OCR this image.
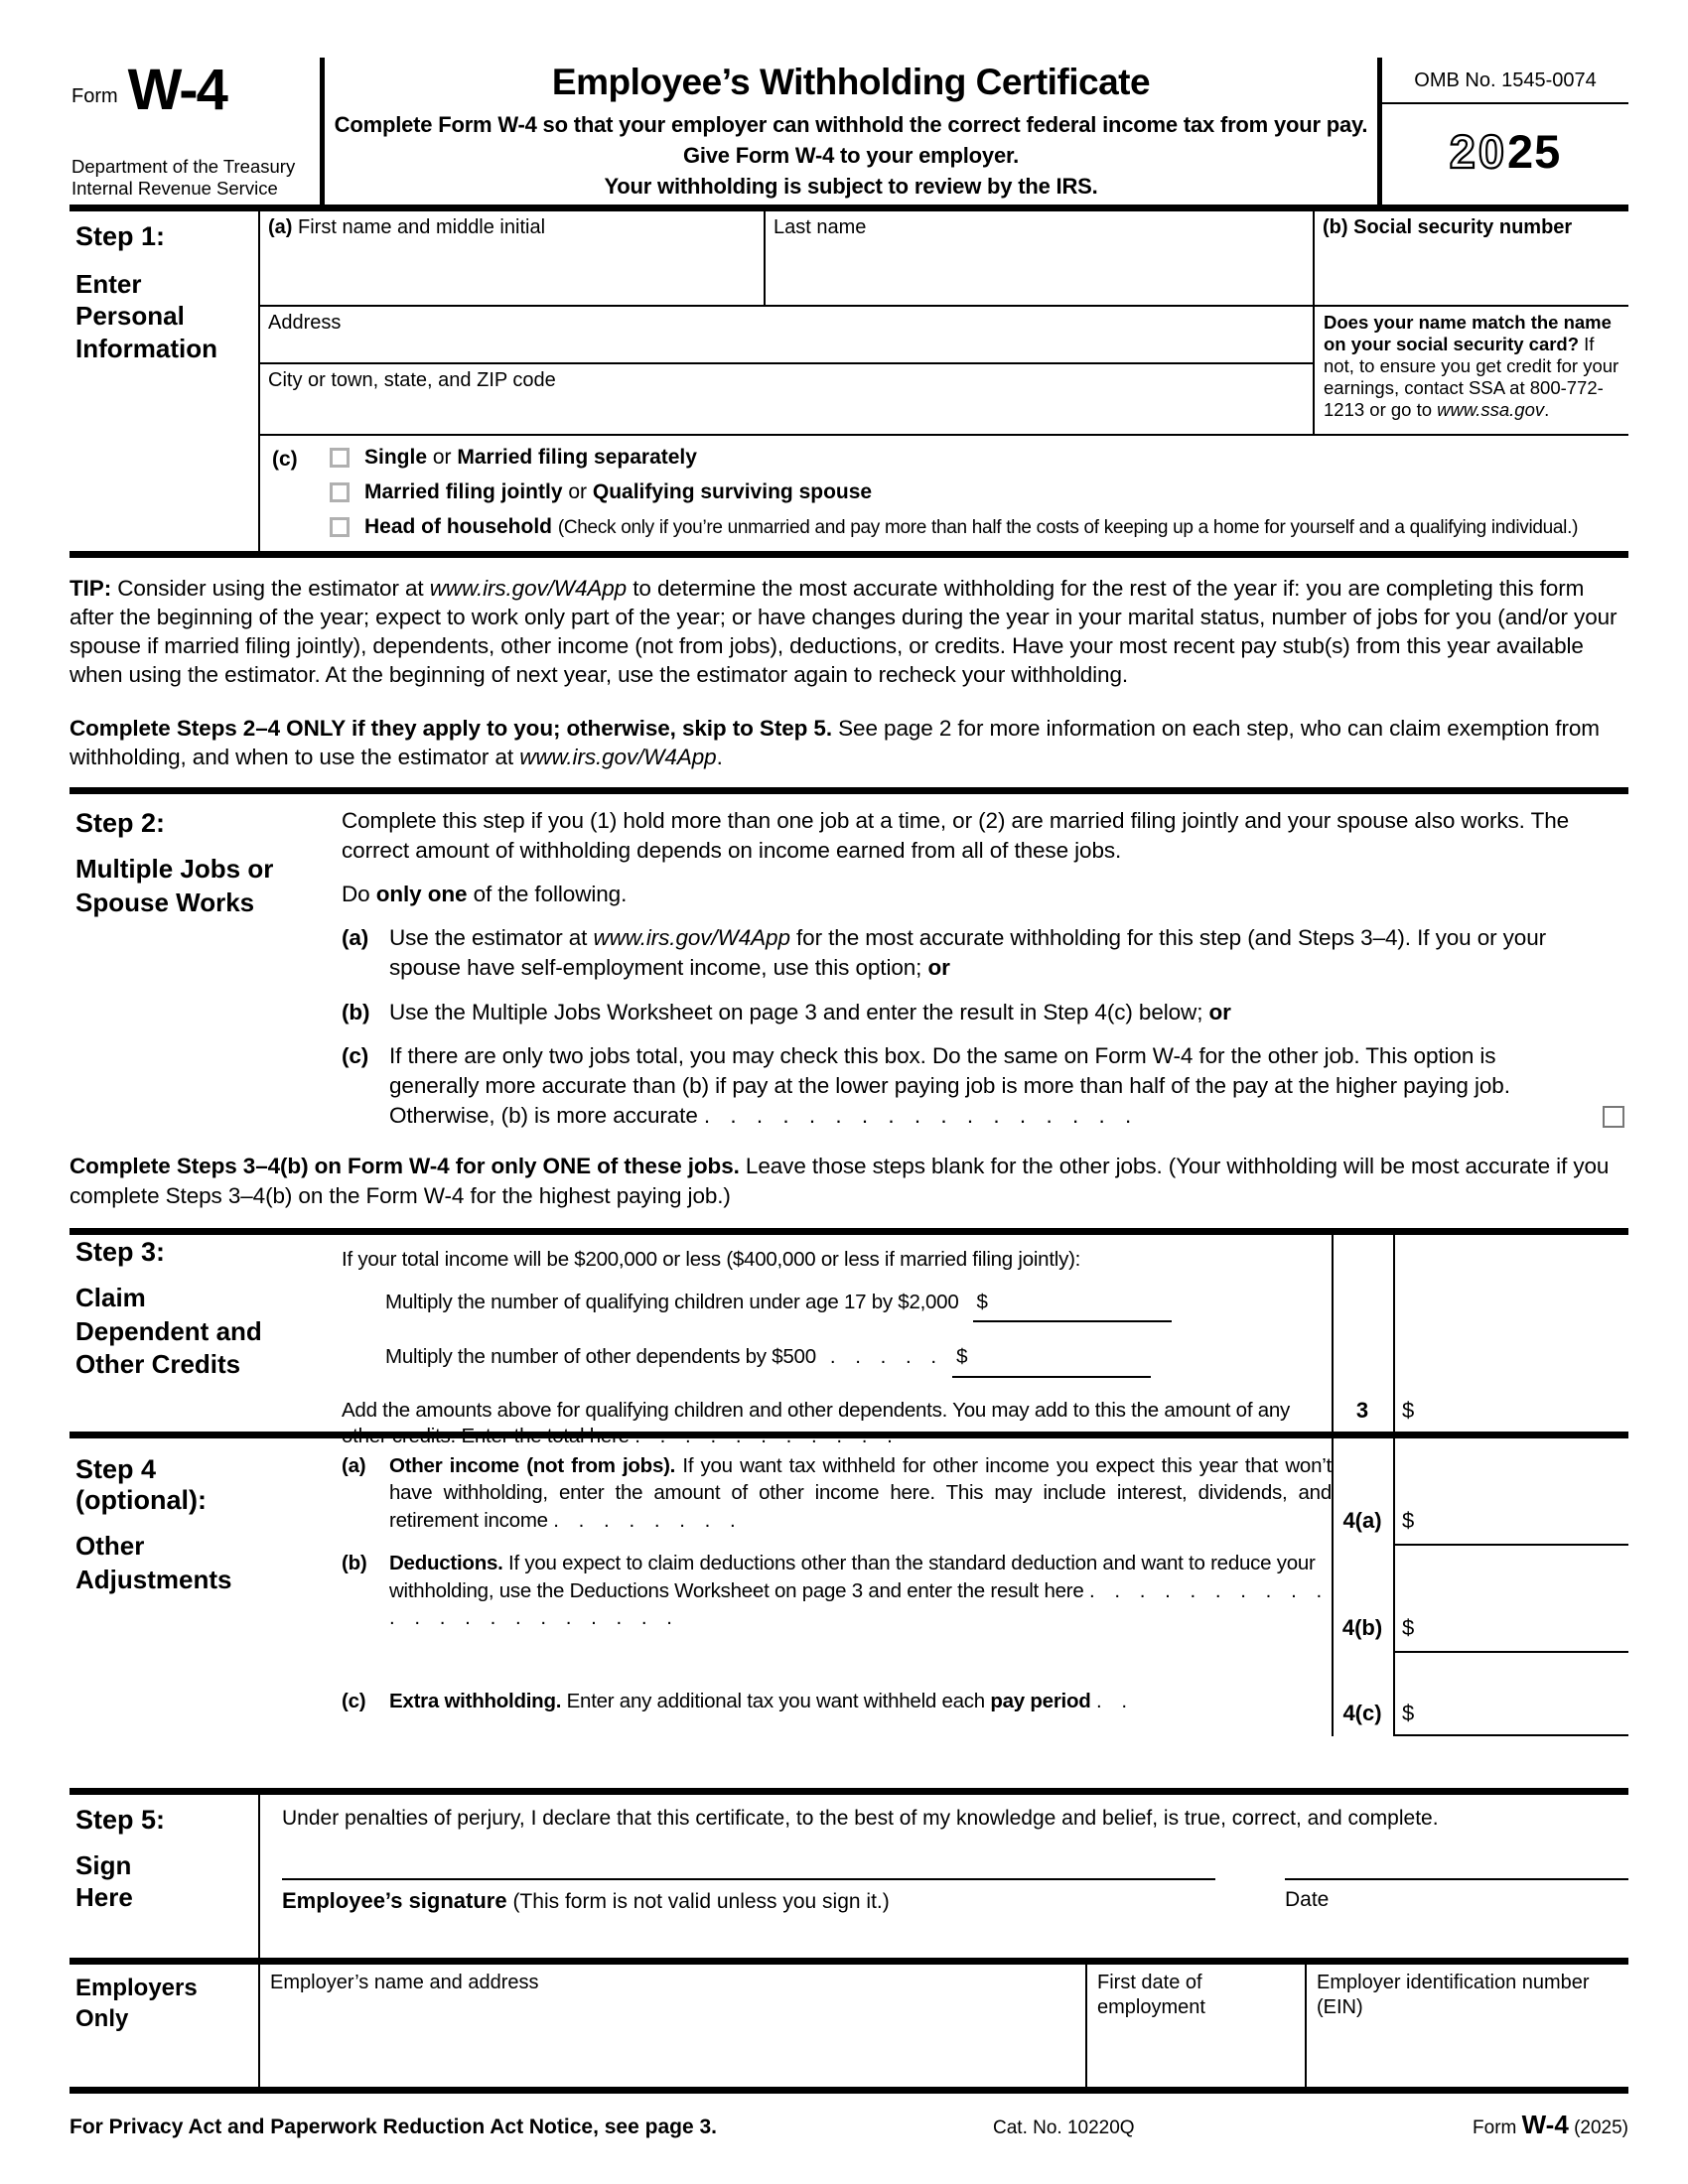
Form W-4
Department of the Treasury
Internal Revenue Service
Employee’s Withholding Certificate
Complete Form W-4 so that your employer can withhold the correct federal income tax from your pay.
Give Form W-4 to your employer.
Your withholding is subject to review by the IRS.
OMB No. 1545-0074
20 25
Step 1:
Enter Personal Information
(a) First name and middle initial	Last name	(b) Social security number
Address
City or town, state, and ZIP code
Does your name match the name on your social security card? If not, to ensure you get credit for your earnings, contact SSA at 800-772-1213 or go to www.ssa.gov.
(c)	Single or Married filing separately
Married filing jointly or Qualifying surviving spouse
Head of household (Check only if you’re unmarried and pay more than half the costs of keeping up a home for yourself and a qualifying individual.)
TIP: Consider using the estimator at www.irs.gov/W4App to determine the most accurate withholding for the rest of the year if: you are completing this form after the beginning of the year; expect to work only part of the year; or have changes during the year in your marital status, number of jobs for you (and/or your spouse if married filing jointly), dependents, other income (not from jobs), deductions, or credits. Have your most recent pay stub(s) from this year available when using the estimator. At the beginning of next year, use the estimator again to recheck your withholding.
Complete Steps 2–4 ONLY if they apply to you; otherwise, skip to Step 5. See page 2 for more information on each step, who can claim exemption from withholding, and when to use the estimator at www.irs.gov/W4App.
Step 2:
Multiple Jobs or Spouse Works
Complete this step if you (1) hold more than one job at a time, or (2) are married filing jointly and your spouse also works. The correct amount of withholding depends on income earned from all of these jobs.
Do only one of the following.
(a) Use the estimator at www.irs.gov/W4App for the most accurate withholding for this step (and Steps 3–4). If you or your spouse have self-employment income, use this option; or
(b) Use the Multiple Jobs Worksheet on page 3 and enter the result in Step 4(c) below; or
(c) If there are only two jobs total, you may check this box. Do the same on Form W-4 for the other job. This option is generally more accurate than (b) if pay at the lower paying job is more than half of the pay at the higher paying job. Otherwise, (b) is more accurate . . . . . . . . . . . . . . . . .
Complete Steps 3–4(b) on Form W-4 for only ONE of these jobs. Leave those steps blank for the other jobs. (Your withholding will be most accurate if you complete Steps 3–4(b) on the Form W-4 for the highest paying job.)
Step 3:
Claim Dependent and Other Credits
If your total income will be $200,000 or less ($400,000 or less if married filing jointly):
Multiply the number of qualifying children under age 17 by $2,000 $
Multiply the number of other dependents by $500 . . . . . $
Add the amounts above for qualifying children and other dependents. You may add to this the amount of any other credits. Enter the total here . . . . . . . . . . .
3	$
Step 4
(optional):
Other Adjustments
(a)	Other income (not from jobs). If you want tax withheld for other income you expect this year that won’t have withholding, enter the amount of other income here. This may include interest, dividends, and retirement income . . . . . . . .
(b)	Deductions. If you expect to claim deductions other than the standard deduction and want to reduce your withholding, use the Deductions Worksheet on page 3 and enter the result here . . . . . . . . . . . . . . . . . . . . . .
(c)	Extra withholding. Enter any additional tax you want withheld each pay period . .
4(a) $
4(b) $
4(c) $
Step 5:
Sign
Here
Under penalties of perjury, I declare that this certificate, to the best of my knowledge and belief, is true, correct, and complete.
Employee’s signature (This form is not valid unless you sign it.)	Date
Employers
Only
Employer’s name and address	First date of employment
Employer identification number (EIN)
For Privacy Act and Paperwork Reduction Act Notice, see page 3.	Cat. No. 10220Q	Form W-4 (2025)
